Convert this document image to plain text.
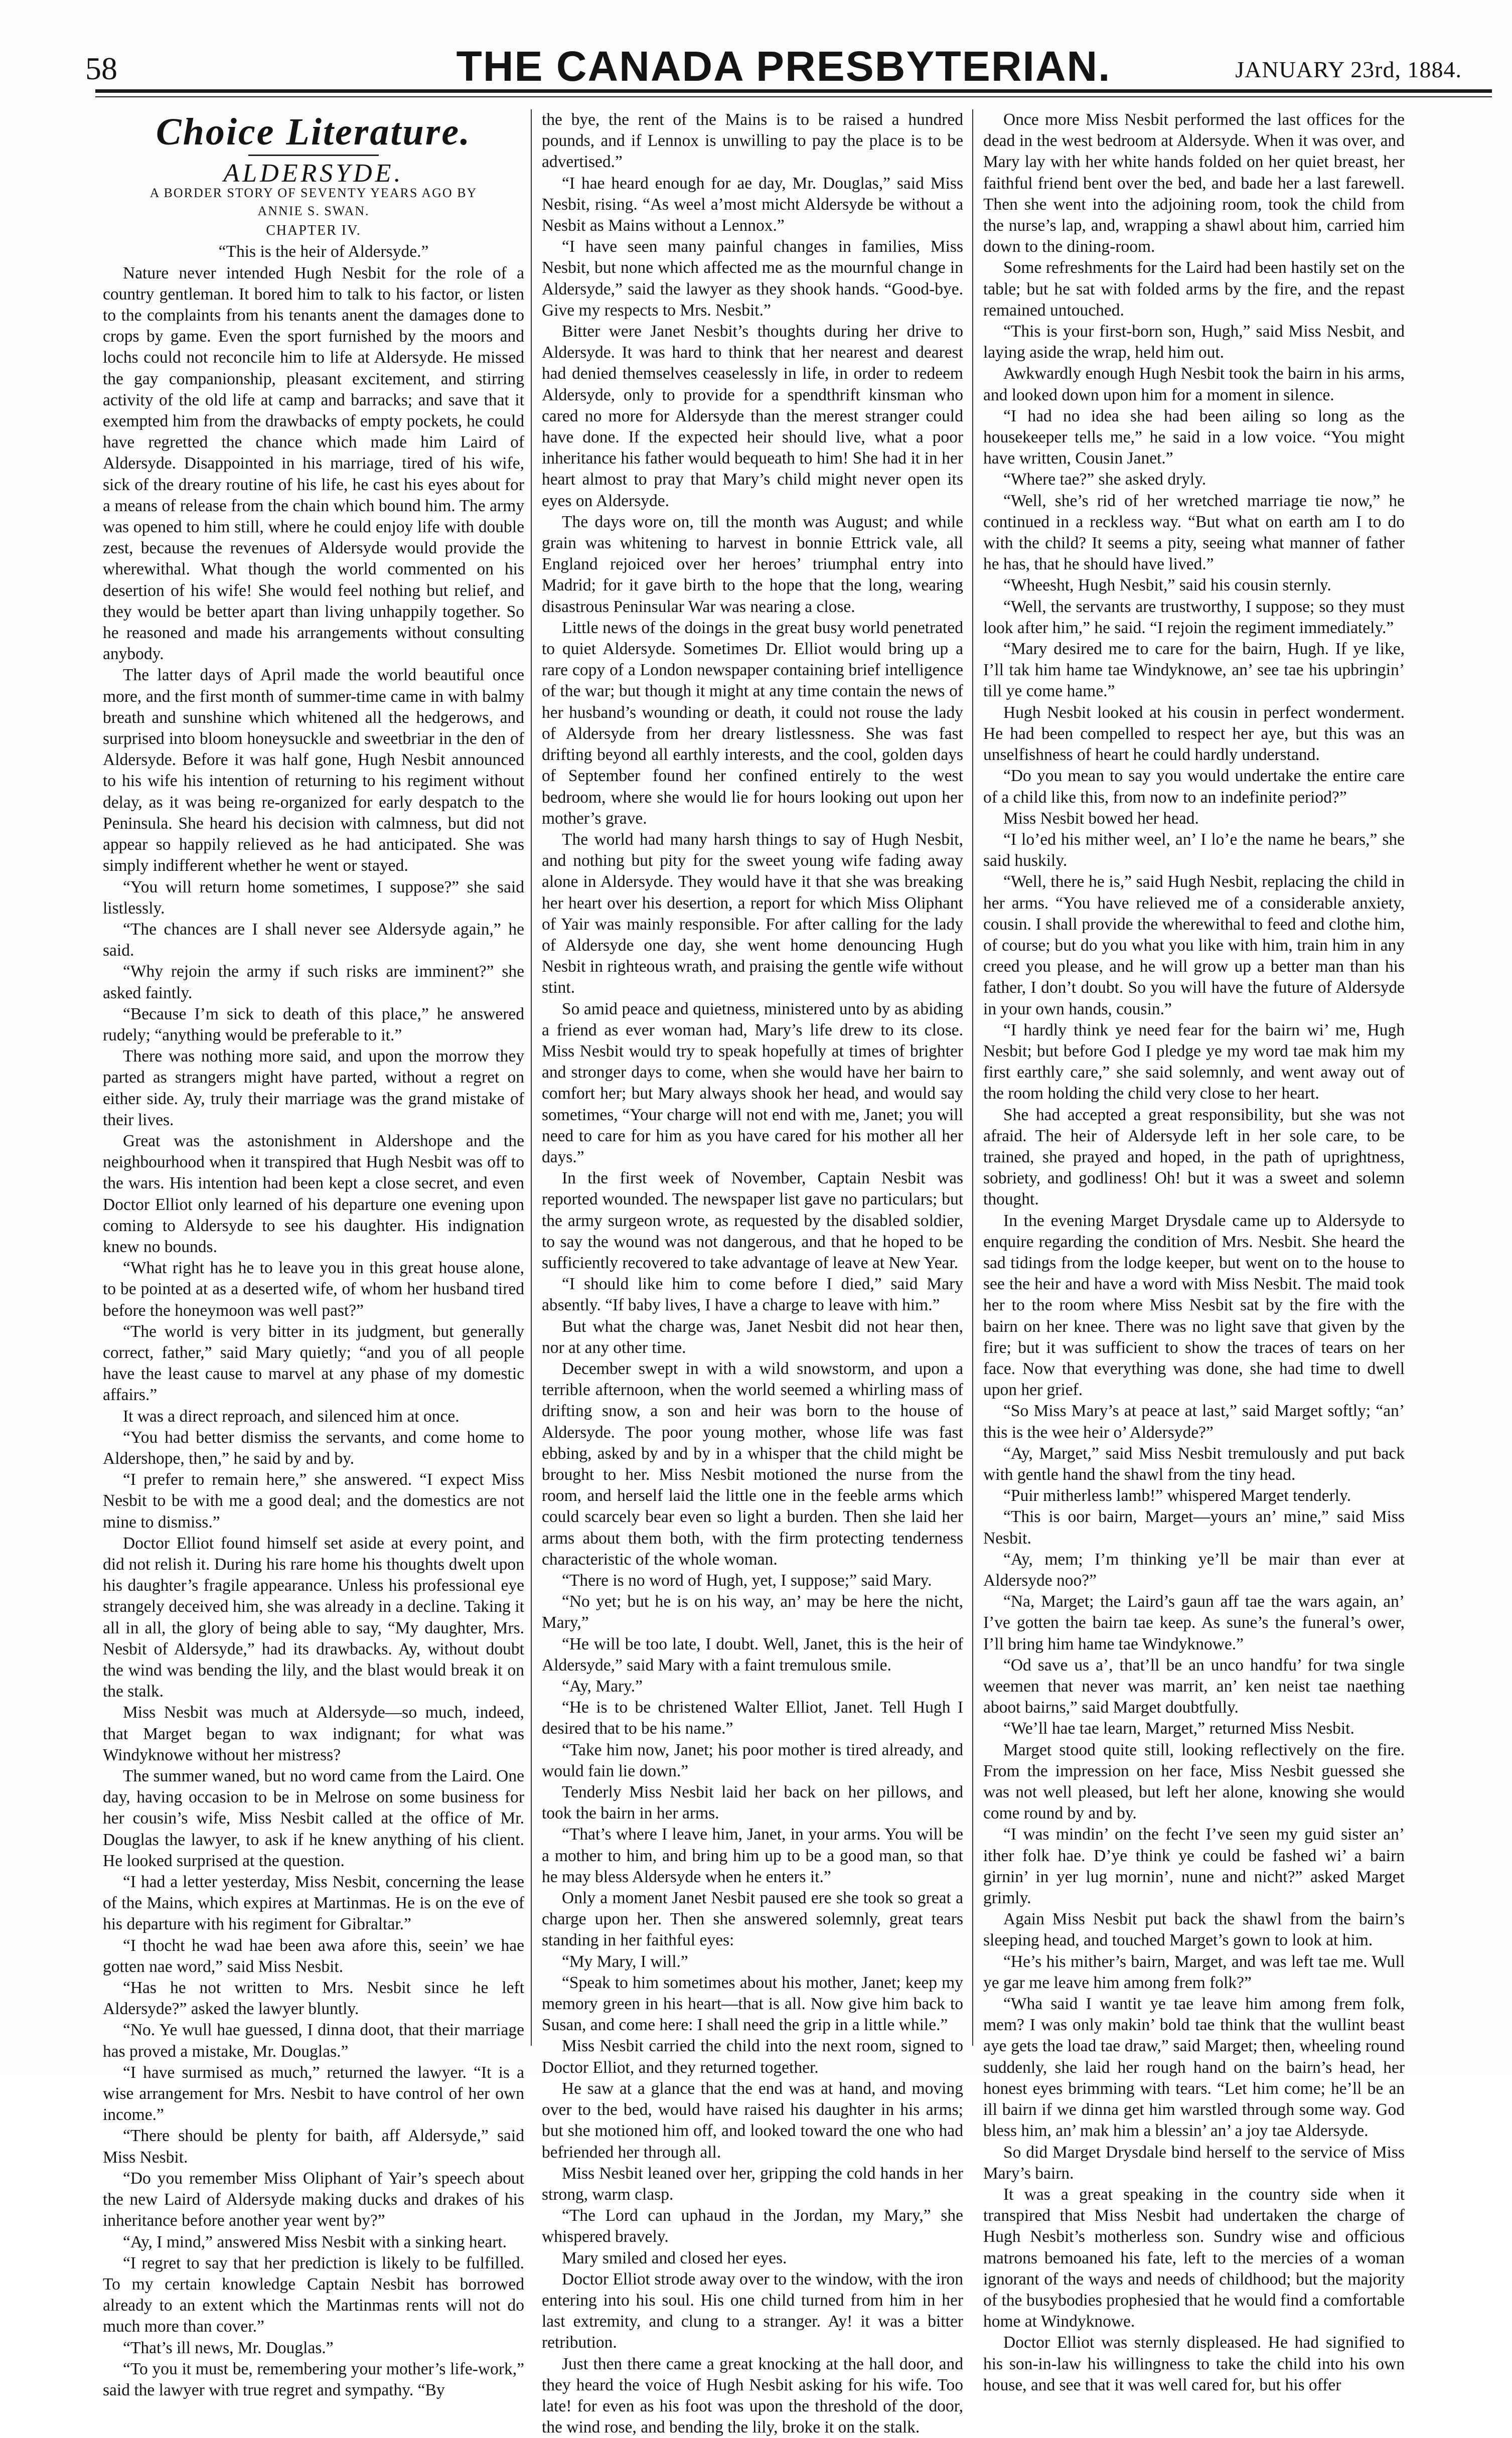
58	THE CANADA PRESBYTERIAN.	JANUARY 23rd, 1884.

Choice Literature.

ALDERSYDE.

A BORDER STORY OF SEVENTY YEARS AGO BY

ANNIE S. SWAN.

CHAPTER IV.

“This is the heir of Aldersyde.”

Nature never intended Hugh Nesbit for the role of a country gentleman. It bored him to talk to his factor, or listen to the complaints from his tenants anent the damages done to crops by game. Even the sport furnished by the moors and lochs could not reconcile him to life at Aldersyde. He missed the gay companionship, pleasant excitement, and stirring activity of the old life at camp and barracks; and save that it exempted him from the drawbacks of empty pockets, he could have regretted the chance which made him Laird of Aldersyde. Disappointed in his marriage, tired of his wife, sick of the dreary routine of his life, he cast his eyes about for a means of release from the chain which bound him. The army was opened to him still, where he could enjoy life with double zest, because the revenues of Aldersyde would provide the wherewithal. What though the world commented on his desertion of his wife! She would feel nothing but relief, and they would be better apart than living unhappily together. So he reasoned and made his arrangements without consulting anybody.

The latter days of April made the world beautiful once more, and the first month of summer-time came in with balmy breath and sunshine which whitened all the hedgerows, and surprised into bloom honeysuckle and sweetbriar in the den of Aldersyde. Before it was half gone, Hugh Nesbit announced to his wife his intention of returning to his regiment without delay, as it was being re-organized for early despatch to the Peninsula. She heard his decision with calmness, but did not appear so happily relieved as he had anticipated. She was simply indifferent whether he went or stayed.

“You will return home sometimes, I suppose?” she said listlessly.

“The chances are I shall never see Aldersyde again,” he said.

“Why rejoin the army if such risks are imminent?” she asked faintly.

“Because I’m sick to death of this place,” he answered rudely; “anything would be preferable to it.”

There was nothing more said, and upon the morrow they parted as strangers might have parted, without a regret on either side. Ay, truly their marriage was the grand mistake of their lives.

Great was the astonishment in Aldershope and the neighbourhood when it transpired that Hugh Nesbit was off to the wars. His intention had been kept a close secret, and even Doctor Elliot only learned of his departure one evening upon coming to Aldersyde to see his daughter. His indignation knew no bounds.

“What right has he to leave you in this great house alone, to be pointed at as a deserted wife, of whom her husband tired before the honeymoon was well past?”

“The world is very bitter in its judgment, but generally correct, father,” said Mary quietly; “and you of all people have the least cause to marvel at any phase of my domestic affairs.”

It was a direct reproach, and silenced him at once.

“You had better dismiss the servants, and come home to Aldershope, then,” he said by and by.

“I prefer to remain here,” she answered. “I expect Miss Nesbit to be with me a good deal; and the domestics are not mine to dismiss.”

Doctor Elliot found himself set aside at every point, and did not relish it. During his rare home his thoughts dwelt upon his daughter’s fragile appearance. Unless his professional eye strangely deceived him, she was already in a decline. Taking it all in all, the glory of being able to say, “My daughter, Mrs. Nesbit of Aldersyde,” had its drawbacks. Ay, without doubt the wind was bending the lily, and the blast would break it on the stalk.

Miss Nesbit was much at Aldersyde—so much, indeed, that Marget began to wax indignant; for what was Windyknowe without her mistress?

The summer waned, but no word came from the Laird. One day, having occasion to be in Melrose on some business for her cousin’s wife, Miss Nesbit called at the office of Mr. Douglas the lawyer, to ask if he knew anything of his client. He looked surprised at the question.

“I had a letter yesterday, Miss Nesbit, concerning the lease of the Mains, which expires at Martinmas. He is on the eve of his departure with his regiment for Gibraltar.”

“I thocht he wad hae been awa afore this, seein’ we hae gotten nae word,” said Miss Nesbit.

“Has he not written to Mrs. Nesbit since he left Aldersyde?” asked the lawyer bluntly.

“No. Ye wull hae guessed, I dinna doot, that their marriage has proved a mistake, Mr. Douglas.”

“I have surmised as much,” returned the lawyer. “It is a wise arrangement for Mrs. Nesbit to have control of her own income.”

“There should be plenty for baith, aff Aldersyde,” said Miss Nesbit.

“Do you remember Miss Oliphant of Yair’s speech about the new Laird of Aldersyde making ducks and drakes of his inheritance before another year went by?”

“Ay, I mind,” answered Miss Nesbit with a sinking heart.

“I regret to say that her prediction is likely to be fulfilled. To my certain knowledge Captain Nesbit has borrowed already to an extent which the Martinmas rents will not do much more than cover.”

“That’s ill news, Mr. Douglas.”

“To you it must be, remembering your mother’s life-work,” said the lawyer with true regret and sympathy. “By

the bye, the rent of the Mains is to be raised a hundred pounds, and if Lennox is unwilling to pay the place is to be advertised.”

“I hae heard enough for ae day, Mr. Douglas,” said Miss Nesbit, rising. “As weel a’most micht Aldersyde be without a Nesbit as Mains without a Lennox.”

“I have seen many painful changes in families, Miss Nesbit, but none which affected me as the mournful change in Aldersyde,” said the lawyer as they shook hands. “Good-bye. Give my respects to Mrs. Nesbit.”

Bitter were Janet Nesbit’s thoughts during her drive to Aldersyde. It was hard to think that her nearest and dearest had denied themselves ceaselessly in life, in order to redeem Aldersyde, only to provide for a spendthrift kinsman who cared no more for Aldersyde than the merest stranger could have done. If the expected heir should live, what a poor inheritance his father would bequeath to him! She had it in her heart almost to pray that Mary’s child might never open its eyes on Aldersyde.

The days wore on, till the month was August; and while grain was whitening to harvest in bonnie Ettrick vale, all England rejoiced over her heroes’ triumphal entry into Madrid; for it gave birth to the hope that the long, wearing disastrous Peninsular War was nearing a close.

Little news of the doings in the great busy world penetrated to quiet Aldersyde. Sometimes Dr. Elliot would bring up a rare copy of a London newspaper containing brief intelligence of the war; but though it might at any time contain the news of her husband’s wounding or death, it could not rouse the lady of Aldersyde from her dreary listlessness. She was fast drifting beyond all earthly interests, and the cool, golden days of September found her confined entirely to the west bedroom, where she would lie for hours looking out upon her mother’s grave.

The world had many harsh things to say of Hugh Nesbit, and nothing but pity for the sweet young wife fading away alone in Aldersyde. They would have it that she was breaking her heart over his desertion, a report for which Miss Oliphant of Yair was mainly responsible. For after calling for the lady of Aldersyde one day, she went home denouncing Hugh Nesbit in righteous wrath, and praising the gentle wife without stint.

So amid peace and quietness, ministered unto by as abiding a friend as ever woman had, Mary’s life drew to its close. Miss Nesbit would try to speak hopefully at times of brighter and stronger days to come, when she would have her bairn to comfort her; but Mary always shook her head, and would say sometimes, “Your charge will not end with me, Janet; you will need to care for him as you have cared for his mother all her days.”

In the first week of November, Captain Nesbit was reported wounded. The newspaper list gave no particulars; but the army surgeon wrote, as requested by the disabled soldier, to say the wound was not dangerous, and that he hoped to be sufficiently recovered to take advantage of leave at New Year.

“I should like him to come before I died,” said Mary absently. “If baby lives, I have a charge to leave with him.”

But what the charge was, Janet Nesbit did not hear then, nor at any other time.

December swept in with a wild snowstorm, and upon a terrible afternoon, when the world seemed a whirling mass of drifting snow, a son and heir was born to the house of Aldersyde. The poor young mother, whose life was fast ebbing, asked by and by in a whisper that the child might be brought to her. Miss Nesbit motioned the nurse from the room, and herself laid the little one in the feeble arms which could scarcely bear even so light a burden. Then she laid her arms about them both, with the firm protecting tenderness characteristic of the whole woman.

“There is no word of Hugh, yet, I suppose;” said Mary.

“No yet; but he is on his way, an’ may be here the nicht, Mary,”

“He will be too late, I doubt. Well, Janet, this is the heir of Aldersyde,” said Mary with a faint tremulous smile.

“Ay, Mary.”

“He is to be christened Walter Elliot, Janet. Tell Hugh I desired that to be his name.”

“Take him now, Janet; his poor mother is tired already, and would fain lie down.”

Tenderly Miss Nesbit laid her back on her pillows, and took the bairn in her arms.

“That’s where I leave him, Janet, in your arms. You will be a mother to him, and bring him up to be a good man, so that he may bless Aldersyde when he enters it.”

Only a moment Janet Nesbit paused ere she took so great a charge upon her. Then she answered solemnly, great tears standing in her faithful eyes:

“My Mary, I will.”

“Speak to him sometimes about his mother, Janet; keep my memory green in his heart—that is all. Now give him back to Susan, and come here: I shall need the grip in a little while.”

Miss Nesbit carried the child into the next room, signed to Doctor Elliot, and they returned together.

He saw at a glance that the end was at hand, and moving over to the bed, would have raised his daughter in his arms; but she motioned him off, and looked toward the one who had befriended her through all.

Miss Nesbit leaned over her, gripping the cold hands in her strong, warm clasp.

“The Lord can uphaud in the Jordan, my Mary,” she whispered bravely.

Mary smiled and closed her eyes.

Doctor Elliot strode away over to the window, with the iron entering into his soul. His one child turned from him in her last extremity, and clung to a stranger. Ay! it was a bitter retribution.

Just then there came a great knocking at the hall door, and they heard the voice of Hugh Nesbit asking for his wife. Too late! for even as his foot was upon the threshold of the door, the wind rose, and bending the lily, broke it on the stalk.

Once more Miss Nesbit performed the last offices for the dead in the west bedroom at Aldersyde. When it was over, and Mary lay with her white hands folded on her quiet breast, her faithful friend bent over the bed, and bade her a last farewell. Then she went into the adjoining room, took the child from the nurse’s lap, and, wrapping a shawl about him, carried him down to the dining-room.

Some refreshments for the Laird had been hastily set on the table; but he sat with folded arms by the fire, and the repast remained untouched.

“This is your first-born son, Hugh,” said Miss Nesbit, and laying aside the wrap, held him out.

Awkwardly enough Hugh Nesbit took the bairn in his arms, and looked down upon him for a moment in silence.

“I had no idea she had been ailing so long as the housekeeper tells me,” he said in a low voice. “You might have written, Cousin Janet.”

“Where tae?” she asked dryly.

“Well, she’s rid of her wretched marriage tie now,” he continued in a reckless way. “But what on earth am I to do with the child? It seems a pity, seeing what manner of father he has, that he should have lived.”

“Wheesht, Hugh Nesbit,” said his cousin sternly.

“Well, the servants are trustworthy, I suppose; so they must look after him,” he said. “I rejoin the regiment immediately.”

“Mary desired me to care for the bairn, Hugh. If ye like, I’ll tak him hame tae Windyknowe, an’ see tae his upbringin’ till ye come hame.”

Hugh Nesbit looked at his cousin in perfect wonderment. He had been compelled to respect her aye, but this was an unselfishness of heart he could hardly understand.

“Do you mean to say you would undertake the entire care of a child like this, from now to an indefinite period?”

Miss Nesbit bowed her head.

“I lo’ed his mither weel, an’ I lo’e the name he bears,” she said huskily.

“Well, there he is,” said Hugh Nesbit, replacing the child in her arms. “You have relieved me of a considerable anxiety, cousin. I shall provide the wherewithal to feed and clothe him, of course; but do you what you like with him, train him in any creed you please, and he will grow up a better man than his father, I don’t doubt. So you will have the future of Aldersyde in your own hands, cousin.”

“I hardly think ye need fear for the bairn wi’ me, Hugh Nesbit; but before God I pledge ye my word tae mak him my first earthly care,” she said solemnly, and went away out of the room holding the child very close to her heart.

She had accepted a great responsibility, but she was not afraid. The heir of Aldersyde left in her sole care, to be trained, she prayed and hoped, in the path of uprightness, sobriety, and godliness! Oh! but it was a sweet and solemn thought.

In the evening Marget Drysdale came up to Aldersyde to enquire regarding the condition of Mrs. Nesbit. She heard the sad tidings from the lodge keeper, but went on to the house to see the heir and have a word with Miss Nesbit. The maid took her to the room where Miss Nesbit sat by the fire with the bairn on her knee. There was no light save that given by the fire; but it was sufficient to show the traces of tears on her face. Now that everything was done, she had time to dwell upon her grief.

“So Miss Mary’s at peace at last,” said Marget softly; “an’ this is the wee heir o’ Aldersyde?”

“Ay, Marget,” said Miss Nesbit tremulously and put back with gentle hand the shawl from the tiny head.

“Puir mitherless lamb!” whispered Marget tenderly.

“This is oor bairn, Marget—yours an’ mine,” said Miss Nesbit.

“Ay, mem; I’m thinking ye’ll be mair than ever at Aldersyde noo?”

“Na, Marget; the Laird’s gaun aff tae the wars again, an’ I’ve gotten the bairn tae keep. As sune’s the funeral’s ower, I’ll bring him hame tae Windyknowe.”

“Od save us a’, that’ll be an unco handfu’ for twa single weemen that never was marrit, an’ ken neist tae naething aboot bairns,” said Marget doubtfully.

“We’ll hae tae learn, Marget,” returned Miss Nesbit.

Marget stood quite still, looking reflectively on the fire. From the impression on her face, Miss Nesbit guessed she was not well pleased, but left her alone, knowing she would come round by and by.

“I was mindin’ on the fecht I’ve seen my guid sister an’ ither folk hae. D’ye think ye could be fashed wi’ a bairn girnin’ in yer lug mornin’, nune and nicht?” asked Marget grimly.

Again Miss Nesbit put back the shawl from the bairn’s sleeping head, and touched Marget’s gown to look at him.

“He’s his mither’s bairn, Marget, and was left tae me. Wull ye gar me leave him among frem folk?”

“Wha said I wantit ye tae leave him among frem folk, mem? I was only makin’ bold tae think that the wullint beast aye gets the load tae draw,” said Marget; then, wheeling round suddenly, she laid her rough hand on the bairn’s head, her honest eyes brimming with tears. “Let him come; he’ll be an ill bairn if we dinna get him warstled through some way. God bless him, an’ mak him a blessin’ an’ a joy tae Aldersyde.

So did Marget Drysdale bind herself to the service of Miss Mary’s bairn.

It was a great speaking in the country side when it transpired that Miss Nesbit had undertaken the charge of Hugh Nesbit’s motherless son. Sundry wise and officious matrons bemoaned his fate, left to the mercies of a woman ignorant of the ways and needs of childhood; but the majority of the busybodies prophesied that he would find a comfortable home at Windyknowe.

Doctor Elliot was sternly displeased. He had signified to his son-in-law his willingness to take the child into his own house, and see that it was well cared for, but his offer
